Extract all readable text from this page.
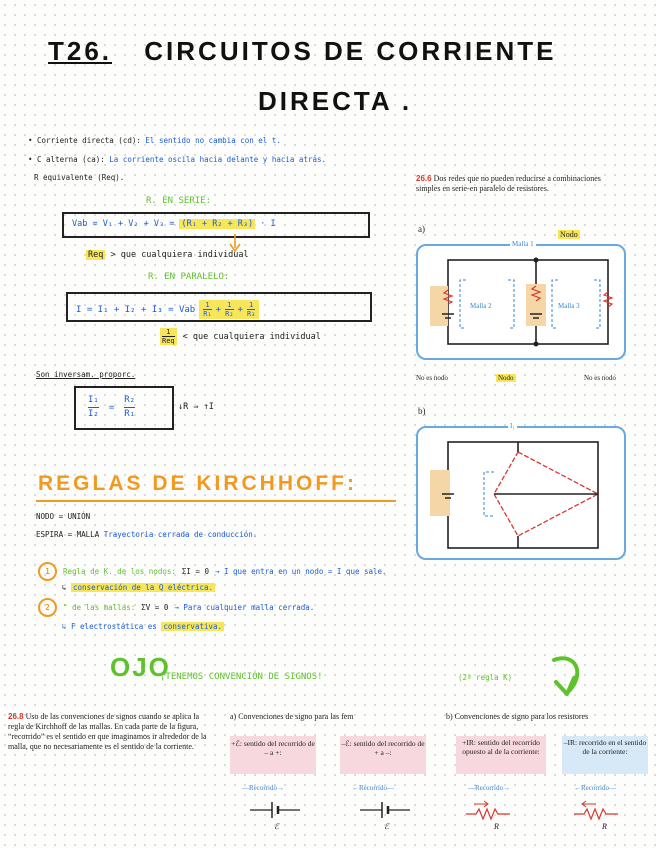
T26. CIRCUITOS DE CORRIENTE
DIRECTA .
• Corriente directa (cd): El sentido no cambia con el t.
• C alterna (ca): La corriente oscila hacia delante y hacia atrás.
R equivalente (Req).
R. EN SERIE:
Vab = V₁ + V₂ + V₃ = (R₁ + R₂ + R₃) · I
Req > que cualquiera individual
R. EN PARALELO:
I = I₁ + I₂ + I₃ = Vab 1
R₁ + 1
R₂ + 1
R₃
1
Req < que cualquiera individual
Son inversam. proporc.
$\frac{\text{I₁}}{\text{I₂}} = \frac{\text{R₂}}{\text{R₁}}$	↓R ⇒ ↑I
REGLAS DE KIRCHHOFF:
NODO = UNIÓN
ESPIRA = MALLA Trayectoria cerrada de conducción.
1	Regla de K. de los nodos: ΣI = 0 → I que entra en un nodo = I que sale.
↳ conservación de la Q eléctrica.
2	" de las mallas: ΣV = 0 → Para cualquier malla cerrada.
↳ F electrostática es conservativa.
OJO
¡TENEMOS CONVENCIÓN DE SIGNOS!	(2ª regla K)
26.6 Dos redes que no pueden reducirse a combinaciones simples en serie-en paralelo de resistores.
a)
Nodo
Malla 1
Malla 2	Malla 3
No es nodo	Nodo	No es nodo
b)
I₁
26.8 Uso de las convenciones de signos cuando se aplica la regla de Kirchhoff de las mallas. En cada parte de la figura, “recorrido” es el sentido en que imaginamos ir alrededor de la malla, que no necesariamente es el sentido de la corriente.
a) Convenciones de signo para las fem	b) Convenciones de signo para los resistores
+ℰ: sentido del recorrido de – a +:
–ℰ: sentido del recorrido de + a –:
+IR: sentido del recorrido opuesto al de la corriente:
–IR: recorrido en el sentido de la corriente:
—Recorrido→	←Recorrido—	—Recorrido→	←Recorrido—
ℰ	ℰ	R	R
